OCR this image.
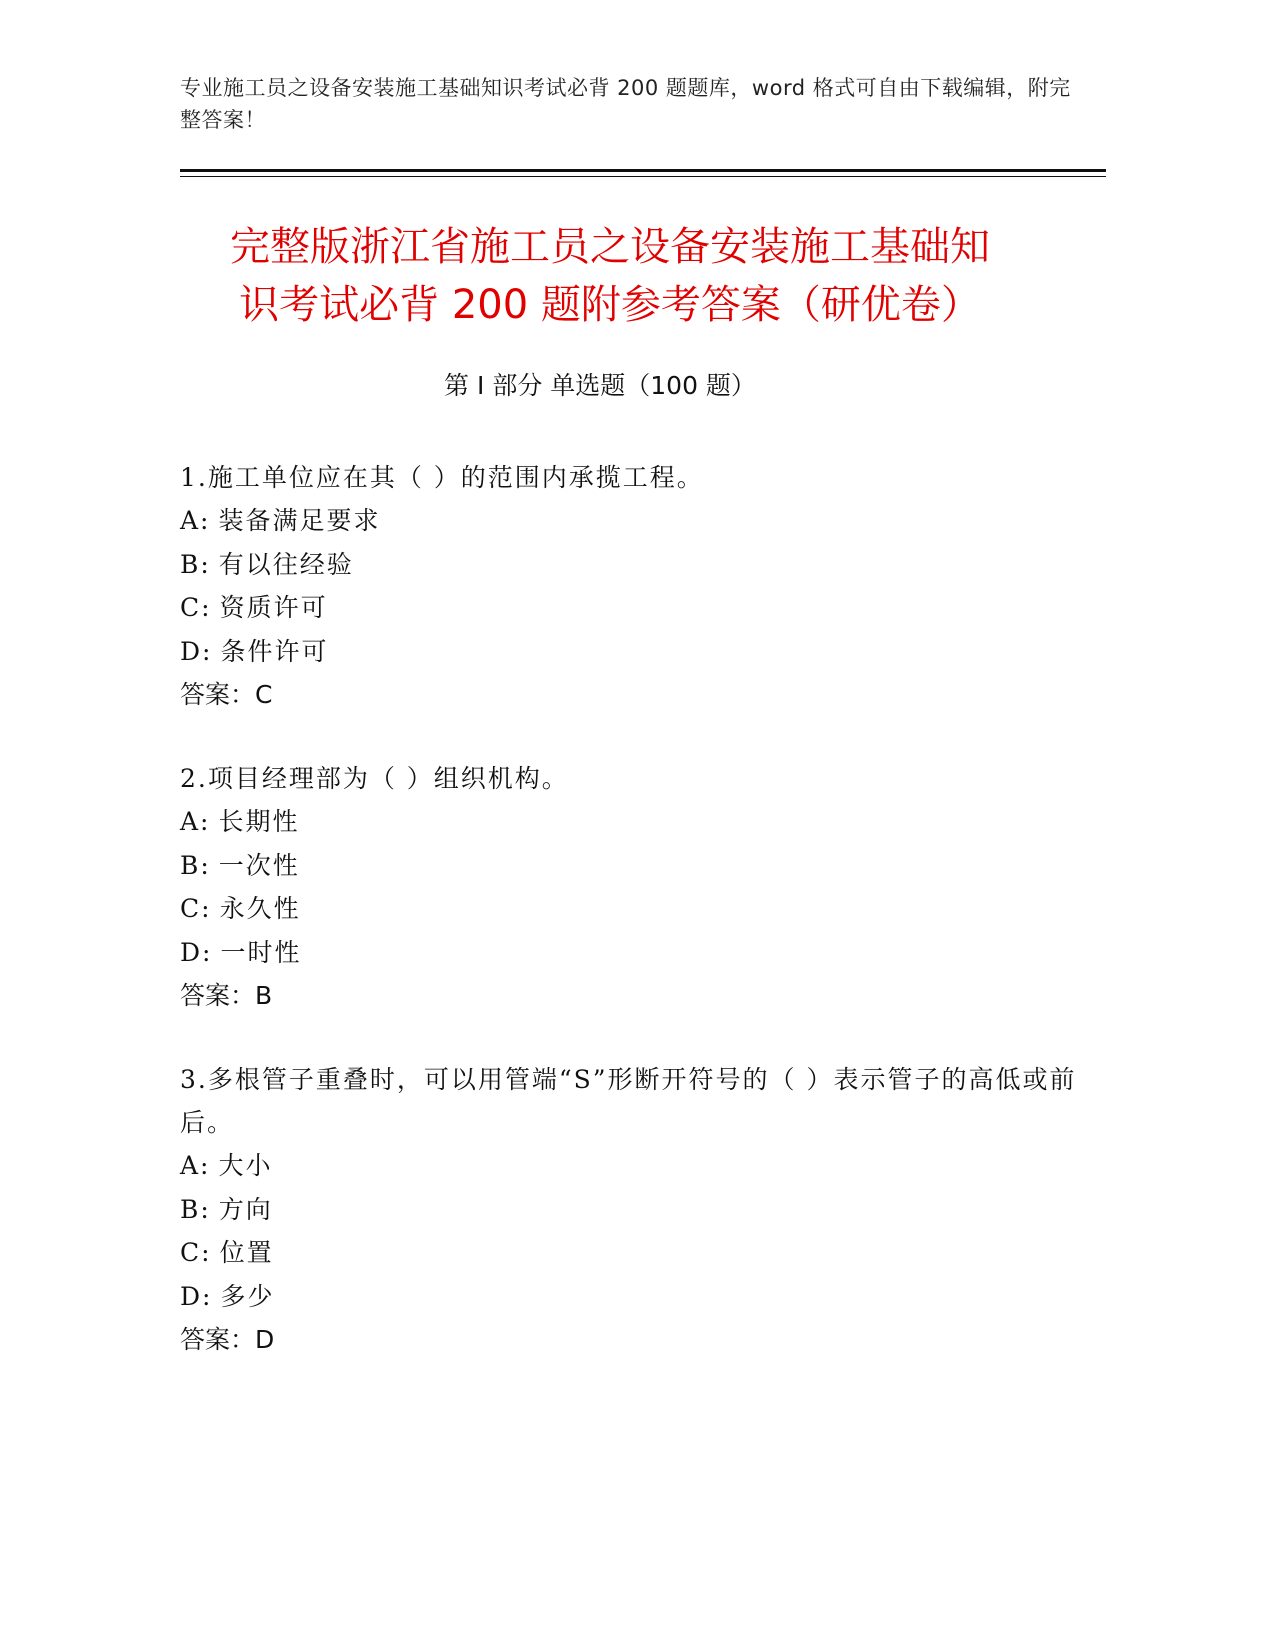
专业施工员之设备安装施工基础知识考试必背 200 题题库，word 格式可自由下载编辑，附完整答案！
完整版浙江省施工员之设备安装施工基础知
识考试必背 200 题附参考答案（研优卷）
第 I 部分 单选题（100 题）

1.施工单位应在其（ ）的范围内承揽工程。

A: 装备满足要求

B: 有以往经验

C: 资质许可

D: 条件许可

答案：C

2.项目经理部为（ ）组织机构。

A: 长期性

B: 一次性

C: 永久性

D: 一时性

答案：B

3.多根管子重叠时，可以用管端“S”形断开符号的（ ）表示管子的高低或前后。

A: 大小

B: 方向

C: 位置

D: 多少

答案：D
